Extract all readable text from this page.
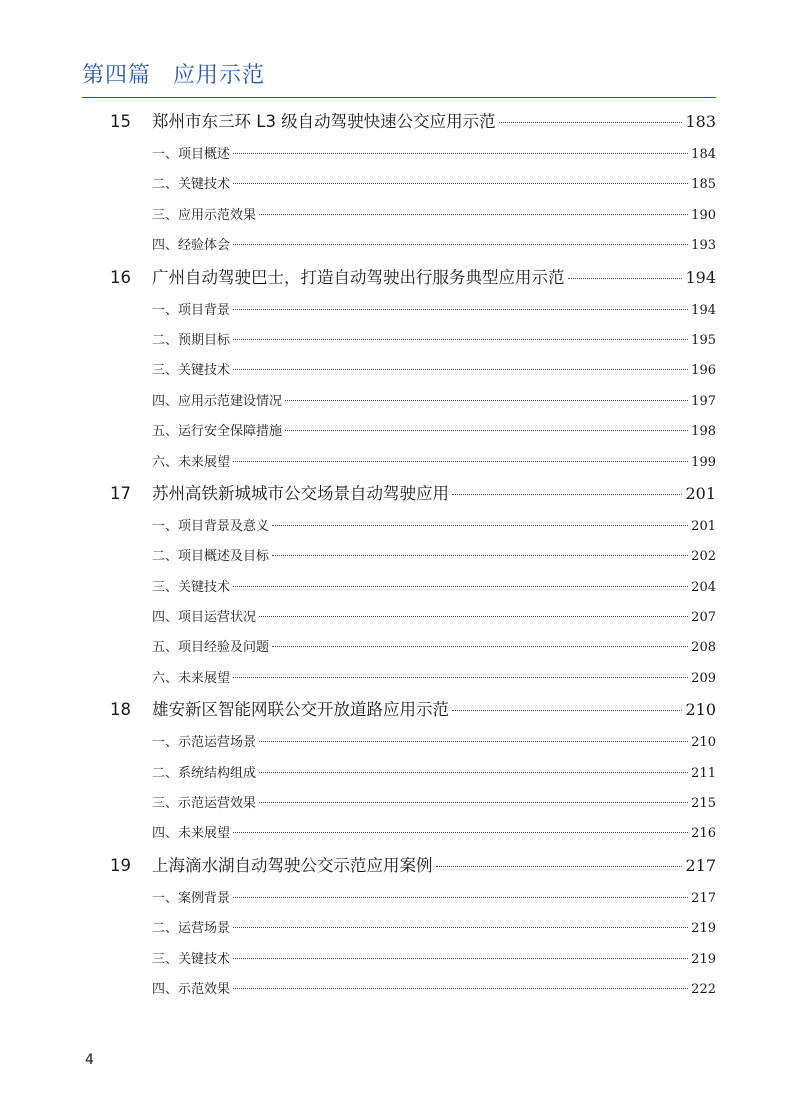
第四篇 应用示范
15	郑州市东三环 L3 级自动驾驶快速公交应用示范	183
一、项目概述	184
二、关键技术	185
三、应用示范效果	190
四、经验体会	193
16	广州自动驾驶巴士，打造自动驾驶出行服务典型应用示范	194
一、项目背景	194
二、预期目标	195
三、关键技术	196
四、应用示范建设情况	197
五、运行安全保障措施	198
六、未来展望	199
17	苏州高铁新城城市公交场景自动驾驶应用	201
一、项目背景及意义	201
二、项目概述及目标	202
三、关键技术	204
四、项目运营状况	207
五、项目经验及问题	208
六、未来展望	209
18	雄安新区智能网联公交开放道路应用示范	210
一、示范运营场景	210
二、系统结构组成	211
三、示范运营效果	215
四、未来展望	216
19	上海滴水湖自动驾驶公交示范应用案例	217
一、案例背景	217
二、运营场景	219
三、关键技术	219
四、示范效果	222
4
